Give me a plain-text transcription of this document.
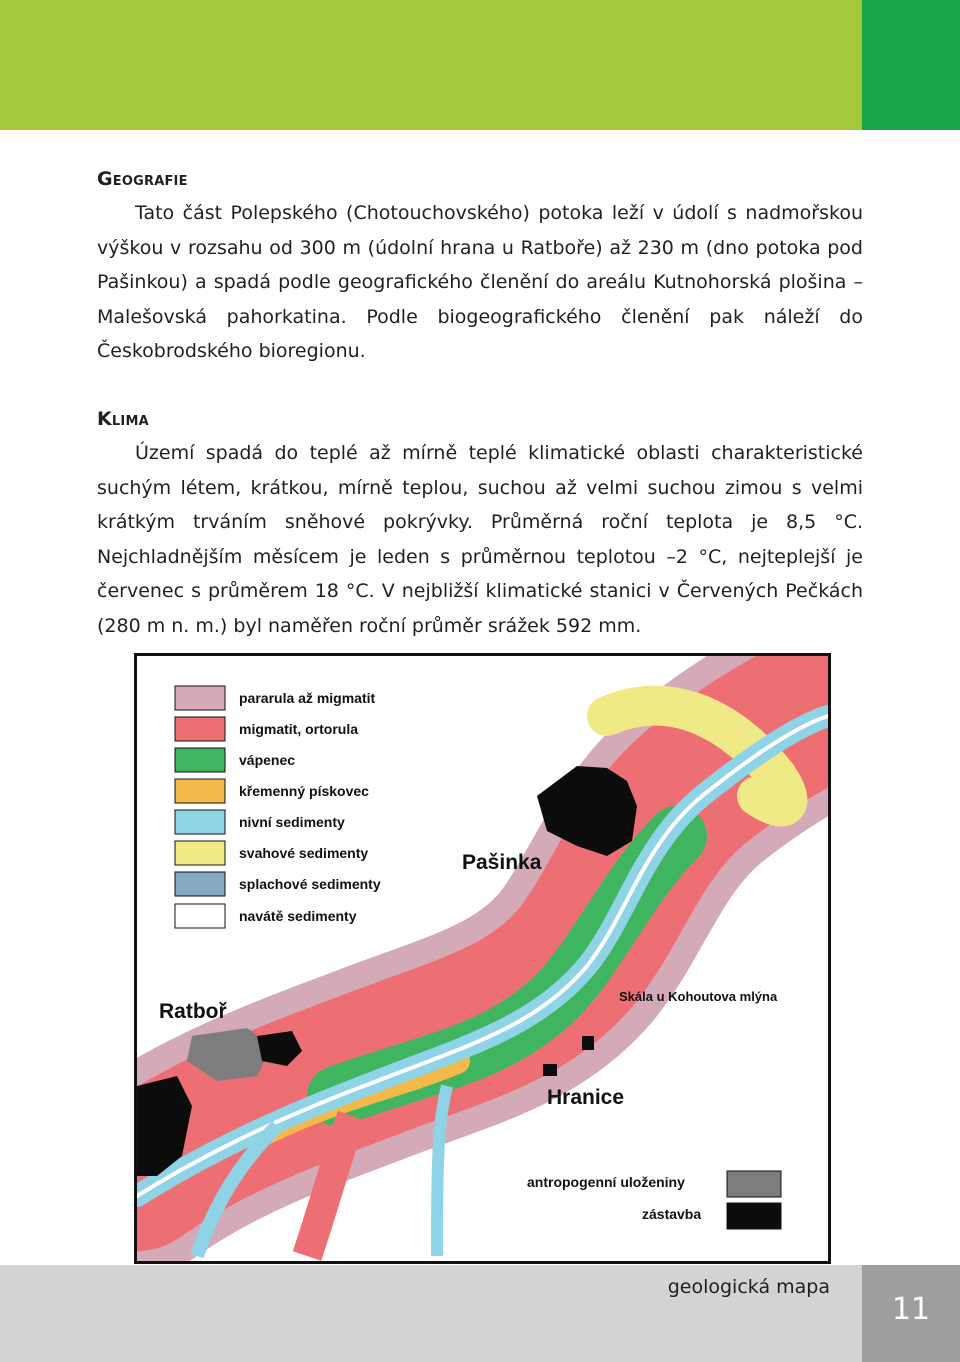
Geografie

Tato část Polepského (Chotouchovského) potoka leží v údolí s nadmořskou výškou v rozsahu od 300 m (údolní hrana u Ratboře) až 230 m (dno potoka pod Pašinkou) a spadá podle geografického členění do areálu Kutnohorská plošina – Malešovská pahorkatina. Podle biogeografického členění pak náleží do Českobrodského bioregionu.

Klima

Území spadá do teplé až mírně teplé klimatické oblasti charakteristické suchým létem, krátkou, mírně teplou, suchou až velmi suchou zimou s velmi krátkým trváním sněhové pokrývky. Průměrná roční teplota je 8,5 °C. Nejchladnějším měsícem je leden s průměrnou teplotou –2 °C, nejteplejší je červenec s průměrem 18 °C. V nejbližší klimatické stanici v Červených Pečkách (280 m n. m.) byl naměřen roční průměr srážek 592 mm.

pararula až migmatit
migmatit, ortorula
vápenec
křemenný pískovec
nivní sedimenty
svahové sedimenty
splachové sedimenty
navátě sedimenty
antropogenní uloženiny
zástavba
Pašinka
Ratboř
Hranice
Skála u Kohoutova mlýna
geologická mapa
11
